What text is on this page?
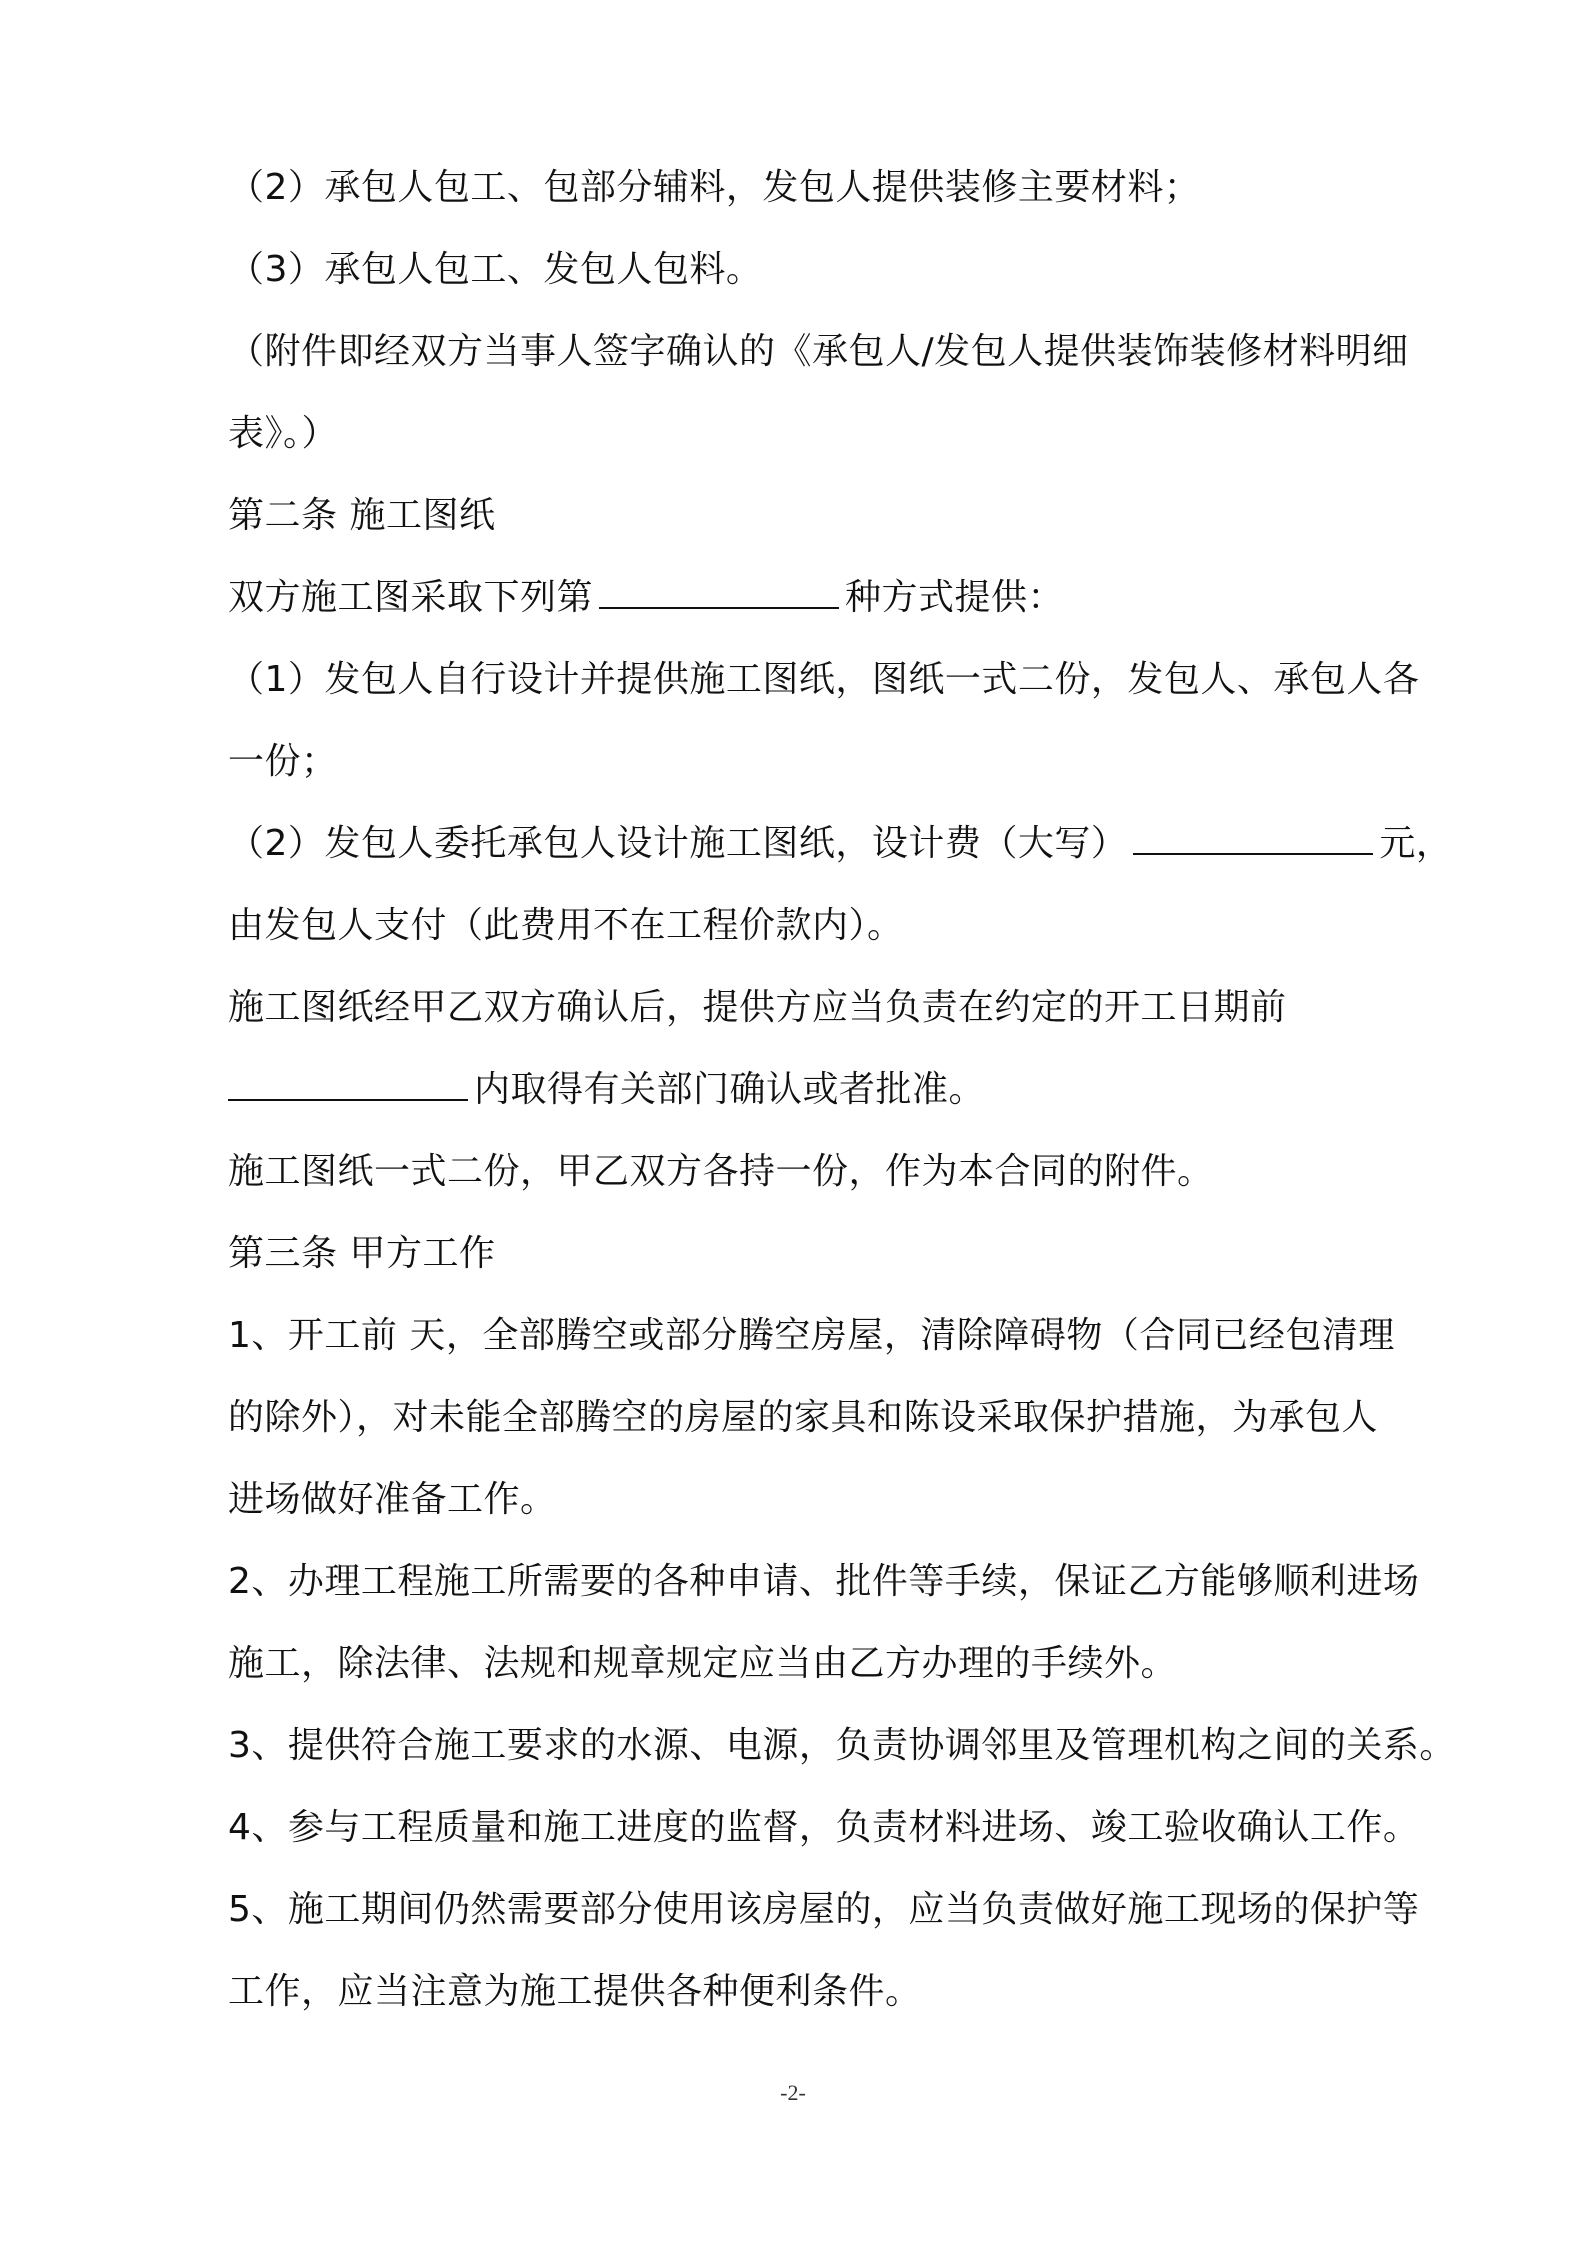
（2）承包人包工、包部分辅料，发包人提供装修主要材料；
（3）承包人包工、发包人包料。
（附件即经双方当事人签字确认的《承包人/发包人提供装饰装修材料明细
表》。）
第二条 施工图纸
双方施工图采取下列第	种方式提供：
（1）发包人自行设计并提供施工图纸，图纸一式二份，发包人、承包人各
一份；
（2）发包人委托承包人设计施工图纸，设计费（大写）	元，
由发包人支付（此费用不在工程价款内）。
施工图纸经甲乙双方确认后，提供方应当负责在约定的开工日期前
内取得有关部门确认或者批准。
施工图纸一式二份，甲乙双方各持一份，作为本合同的附件。
第三条 甲方工作
1、开工前 天，全部腾空或部分腾空房屋，清除障碍物（合同已经包清理
的除外），对未能全部腾空的房屋的家具和陈设采取保护措施，为承包人
进场做好准备工作。
2、办理工程施工所需要的各种申请、批件等手续，保证乙方能够顺利进场
施工，除法律、法规和规章规定应当由乙方办理的手续外。
3、提供符合施工要求的水源、电源，负责协调邻里及管理机构之间的关系。
4、参与工程质量和施工进度的监督，负责材料进场、竣工验收确认工作。
5、施工期间仍然需要部分使用该房屋的，应当负责做好施工现场的保护等
工作，应当注意为施工提供各种便利条件。
-2-
